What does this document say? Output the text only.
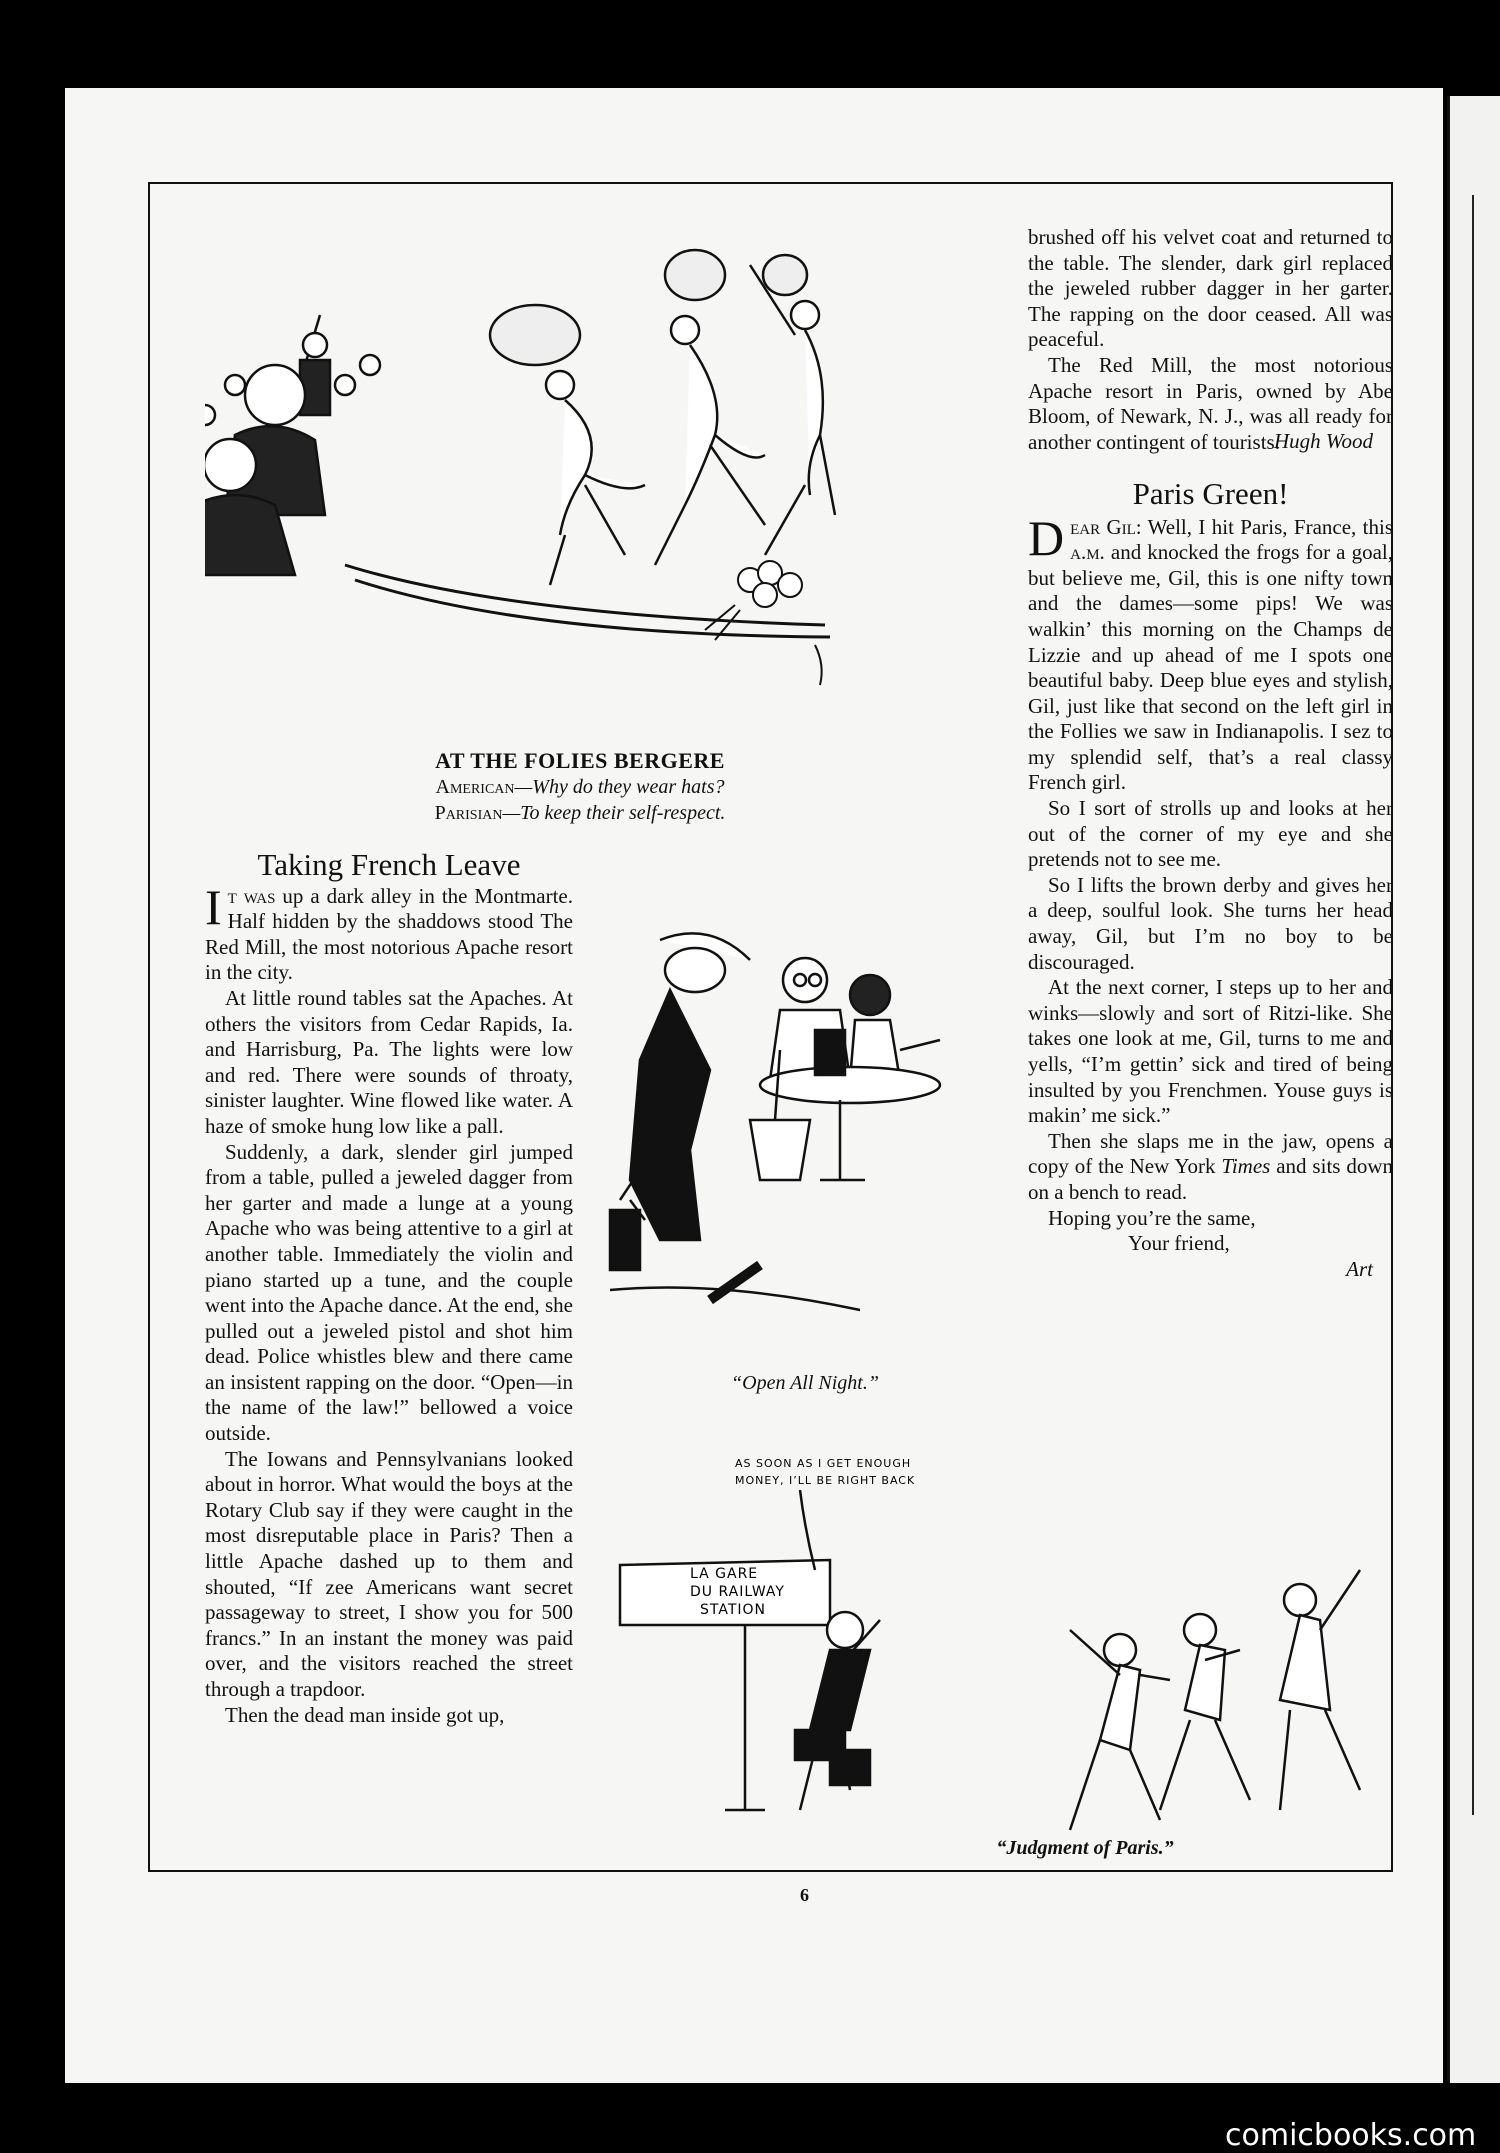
AT THE FOLIES BERGERE
American—Why do they wear hats?
Parisian—To keep their self-respect.
Taking French Leave

It was up a dark alley in the Montmarte. Half hidden by the shaddows stood The Red Mill, the most notorious Apache resort in the city.

At little round tables sat the Apaches. At others the visitors from Cedar Rapids, Ia. and Harrisburg, Pa. The lights were low and red. There were sounds of throaty, sinister laughter. Wine flowed like water. A haze of smoke hung low like a pall.

Suddenly, a dark, slender girl jumped from a table, pulled a jeweled dagger from her garter and made a lunge at a young Apache who was being attentive to a girl at another table. Immediately the violin and piano started up a tune, and the couple went into the Apache dance. At the end, she pulled out a jeweled pistol and shot him dead. Police whistles blew and there came an insistent rapping on the door. “Open—in the name of the law!” bellowed a voice outside.

The Iowans and Pennsylvanians looked about in horror. What would the boys at the Rotary Club say if they were caught in the most disreputable place in Paris? Then a little Apache dashed up to them and shouted, “If zee Americans want secret passageway to street, I show you for 500 francs.” In an instant the money was paid over, and the visitors reached the street through a trapdoor.

Then the dead man inside got up,

brushed off his velvet coat and returned to the table. The slender, dark girl replaced the jeweled rubber dagger in her garter. The rapping on the door ceased. All was peaceful.

The Red Mill, the most notorious Apache resort in Paris, owned by Abe Bloom, of Newark, N. J., was all ready for another contingent of tourists.

Hugh Wood
Paris Green!

Dear Gil: Well, I hit Paris, France, this a.m. and knocked the frogs for a goal, but believe me, Gil, this is one nifty town and the dames—some pips! We was walkin’ this morning on the Champs de Lizzie and up ahead of me I spots one beautiful baby. Deep blue eyes and stylish, Gil, just like that second on the left girl in the Follies we saw in Indianapolis. I sez to my splendid self, that’s a real classy French girl.

So I sort of strolls up and looks at her out of the corner of my eye and she pretends not to see me.

So I lifts the brown derby and gives her a deep, soulful look. She turns her head away, Gil, but I’m no boy to be discouraged.

At the next corner, I steps up to her and winks—slowly and sort of Ritzi-like. She takes one look at me, Gil, turns to me and yells, “I’m gettin’ sick and tired of being insulted by you Frenchmen. Youse guys is makin’ me sick.”

Then she slaps me in the jaw, opens a copy of the New York Times and sits down on a bench to read.

Hoping you’re the same,

Your friend,

Art
“Open All Night.”
AS SOON AS I GET ENOUGH
MONEY, I’LL BE RIGHT BACK
LA GARE
DU RAILWAY
STATION
“Judgment of Paris.”
6
comicbooks.com
